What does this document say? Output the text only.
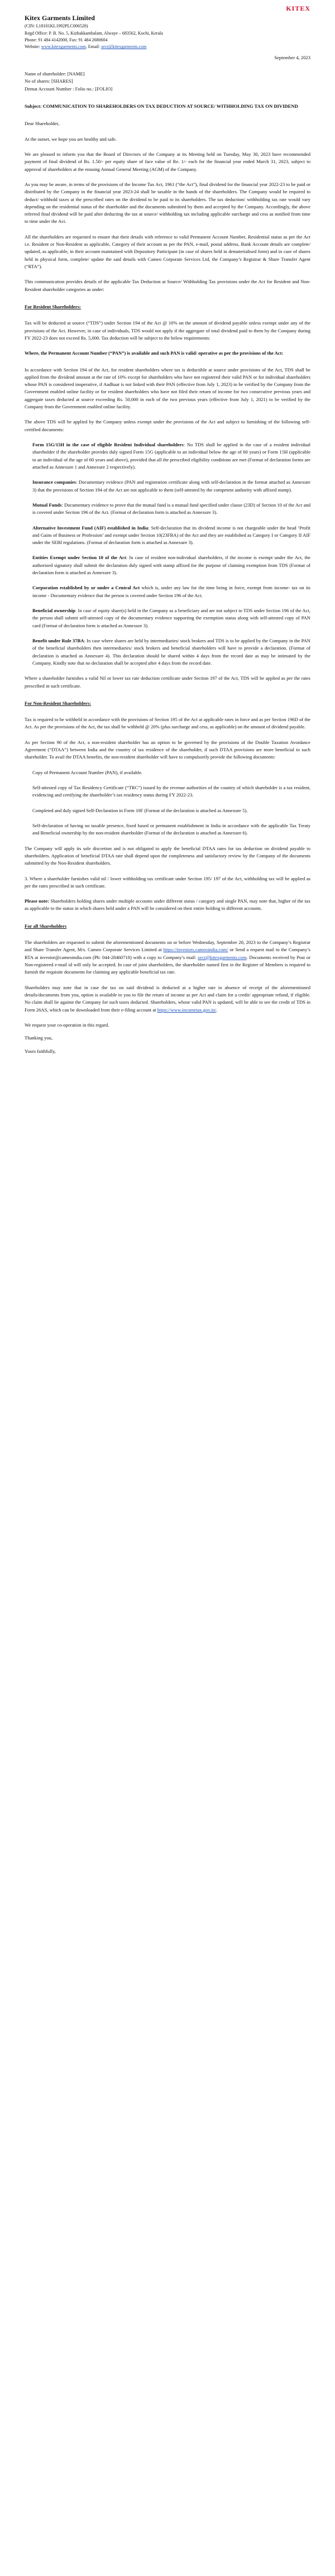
KITEX

Kitex Garments Limited

(CIN: L18101KL1992PLC006528)

Regd Office: P. B. No. 5, Kizhakkambalam, Alwaye – 683562, Kochi, Kerala

Phone: 91 484 4142000, Fax: 91 484 2680604

Website: www.kitexgarments.com, Email: secr@kitexgarments.com

September 4, 2023

Name of shareholder: [NAME]

No of shares: [SHARES]

Demat Account Number : Folio no.: [FOLIO]

Subject: COMMUNICATION TO SHAREHOLDERS ON TAX DEDUCTION AT SOURCE/ WITHHOLDING TAX ON DIVIDEND

Dear Shareholder,

At the outset, we hope you are healthy and safe.

We are pleased to inform you that the Board of Directors of the Company at its Meeting held on Tuesday, May 30, 2023 have recommended payment of final dividend of Rs. 1.50/- per equity share of face value of Re. 1/- each for the financial year ended March 31, 2023, subject to approval of shareholders at the ensuing Annual General Meeting (AGM) of the Company.

As you may be aware, in terms of the provisions of the Income Tax Act, 1961 (“the Act”), final dividend for the financial year 2022-23 to be paid or distributed by the Company in the financial year 2023-24 shall be taxable in the hands of the shareholders. The Company would be required to deduct/ withhold taxes at the prescribed rates on the dividend to be paid to its shareholders. The tax deduction/ withholding tax rate would vary depending on the residential status of the shareholder and the documents submitted by them and accepted by the Company. Accordingly, the above referred final dividend will be paid after deducting the tax at source/ withholding tax including applicable surcharge and cess as notified from time to time under the Act.

All the shareholders are requested to ensure that their details with reference to valid Permanent Account Number, Residential status as per the Act i.e. Resident or Non-Resident as applicable, Category of their account as per the PAN, e-mail, postal address, Bank Account details are complete/ updated, as applicable, in their account maintained with Depository Participant (in case of shares held in dematerialised form) and in case of shares held in physical form, complete/ update the said details with Cameo Corporate Services Ltd, the Company’s Registrar & Share Transfer Agent (“RTA”).

This communication provides details of the applicable Tax Deduction at Source/ Withholding Tax provisions under the Act for Resident and Non-Resident shareholder categories as under:

For Resident Shareholders:

Tax will be deducted at source (“TDS”) under Section 194 of the Act @ 10% on the amount of dividend payable unless exempt under any of the provisions of the Act. However, in case of individuals, TDS would not apply if the aggregate of total dividend paid to them by the Company during FY 2022-23 does not exceed Rs. 5,000. Tax deduction will be subject to the below requirements:

Where, the Permanent Account Number (“PAN”) is available and such PAN is valid/ operative as per the provisions of the Act:

In accordance with Section 194 of the Act, for resident shareholders where tax is deductible at source under provisions of the Act, TDS shall be applied from the dividend amount at the rate of 10% except for shareholders who have not registered their valid PAN or for individual shareholders whose PAN is considered inoperative, if Aadhaar is not linked with their PAN (effective from July 1, 2023) to be verified by the Company from the Government enabled online facility or for resident shareholders who have not filed their return of income for two consecutive previous years and aggregate taxes deducted at source exceeding Rs. 50,000 in each of the two previous years (effective from July 1, 2021) to be verified by the Company from the Government enabled online facility.

The above TDS will be applied by the Company unless exempt under the provisions of the Act and subject to furnishing of the following self-certified documents:

Form 15G/15H in the case of eligible Resident Individual shareholders: No TDS shall be applied in the case of a resident individual shareholder if the shareholder provides duly signed Form 15G (applicable to an individual below the age of 60 years) or Form 15H (applicable to an individual of the age of 60 years and above), provided that all the prescribed eligibility conditions are met (Format of declaration forms are attached as Annexure 1 and Annexure 2 respectively).

Insurance companies: Documentary evidence (PAN and registration certificate along with self-declaration in the format attached as Annexure 3) that the provisions of Section 194 of the Act are not applicable to them (self-attested by the competent authority with affixed stamp).

Mutual Funds: Documentary evidence to prove that the mutual fund is a mutual fund specified under clause (23D) of Section 10 of the Act and is covered under Section 196 of the Act. (Format of declaration form is attached as Annexure 3).

Alternative Investment Fund (AIF) established in India: Self-declaration that its dividend income is not chargeable under the head ‘Profit and Gains of Business or Profession’ and exempt under Section 10(23FBA) of the Act and they are established as Category I or Category II AIF under the SEBI regulations. (Format of declaration form is attached as Annexure 3).

Entities Exempt under Section 10 of the Act: In case of resident non-individual shareholders, if the income is exempt under the Act, the authorized signatory shall submit the declaration duly signed with stamp affixed for the purpose of claiming exemption from TDS (Format of declaration form is attached as Annexure 3).

Corporation established by or under a Central Act which is, under any law for the time being in force, exempt from income- tax on its income - Documentary evidence that the person is covered under Section 196 of the Act.

Beneficial ownership: In case of equity share(s) held in the Company as a beneficiary and are not subject to TDS under Section 196 of the Act, the person shall submit self-attested copy of the documentary evidence supporting the exemption status along with self-attested copy of PAN card (Format of declaration form is attached as Annexure 3).

Benefit under Rule 37BA: In case where shares are held by intermediaries/ stock brokers and TDS is to be applied by the Company in the PAN of the beneficial shareholders then intermediaries/ stock brokers and beneficial shareholders will have to provide a declaration. (Format of declaration is attached as Annexure 4). This declaration should be shared within 4 days from the record date as may be intimated by the Company. Kindly note that no declaration shall be accepted after 4 days from the record date.

Where a shareholder furnishes a valid Nil or lower tax rate deduction certificate under Section 197 of the Act, TDS will be applied as per the rates prescribed in such certificate.

For Non-Resident Shareholders:

Tax is required to be withheld in accordance with the provisions of Section 195 of the Act at applicable rates in force and as per Section 196D of the Act. As per the provisions of the Act, the tax shall be withheld @ 20% (plus surcharge and cess, as applicable) on the amount of dividend payable.

As per Section 90 of the Act, a non-resident shareholder has an option to be governed by the provisions of the Double Taxation Avoidance Agreement (“DTAA”) between India and the country of tax residence of the shareholder, if such DTAA provisions are more beneficial to such shareholder. To avail the DTAA benefits, the non-resident shareholder will have to compulsorily provide the following documents:

Copy of Permanent Account Number (PAN), if available.

Self-attested copy of Tax Residency Certificate (“TRC”) issued by the revenue authorities of the country of which shareholder is a tax resident, evidencing and certifying the shareholder’s tax residency status during FY 2022-23.

Completed and duly signed Self-Declaration in Form 10F (Format of the declaration is attached as Annexure 5).

Self-declaration of having no taxable presence, fixed based or permanent establishment in India in accordance with the applicable Tax Treaty and Beneficial ownership by the non-resident shareholder (Format of the declaration is attached as Annexure 6).

The Company will apply its sole discretion and is not obligated to apply the beneficial DTAA rates for tax deduction on dividend payable to shareholders. Application of beneficial DTAA rate shall depend upon the completeness and satisfactory review by the Company of the documents submitted by the Non-Resident shareholders.

3. Where a shareholder furnishes valid nil / lower withholding tax certificate under Section 195/ 197 of the Act, withholding tax will be applied as per the rates prescribed in such certificate.

Please note: Shareholders holding shares under multiple accounts under different status / category and single PAN, may note that, higher of the tax as applicable to the status in which shares held under a PAN will be considered on their entire holding in different accounts.

For all Shareholders

The shareholders are requested to submit the aforementioned documents on or before Wednesday, September 20, 2023 to the Company’s Registrar and Share Transfer Agent, M/s. Cameo Corporate Services Limited at https://investors.cameoindia.com/ or Send a request mail to the Company’s RTA at investor@cameoindia.com (Ph: 044-28460718) with a copy to Company’s mail: secr@kitexgarments.com. Documents received by Post or Non-registered e-mail id will only be accepted. In case of joint shareholders, the shareholder named first in the Register of Members is required to furnish the requisite documents for claiming any applicable beneficial tax rate.

Shareholders may note that in case the tax on said dividend is deducted at a higher rate in absence of receipt of the aforementioned details/documents from you, option is available to you to file the return of income as per Act and claim for a credit/ appropriate refund, if eligible. No claim shall lie against the Company for such taxes deducted. Shareholders, whose valid PAN is updated, will be able to see the credit of TDS in Form 26AS, which can be downloaded from their e-filing account at https://www.incometax.gov.in/.

We request your co-operation in this regard.

Thanking you,

Yours faithfully,
